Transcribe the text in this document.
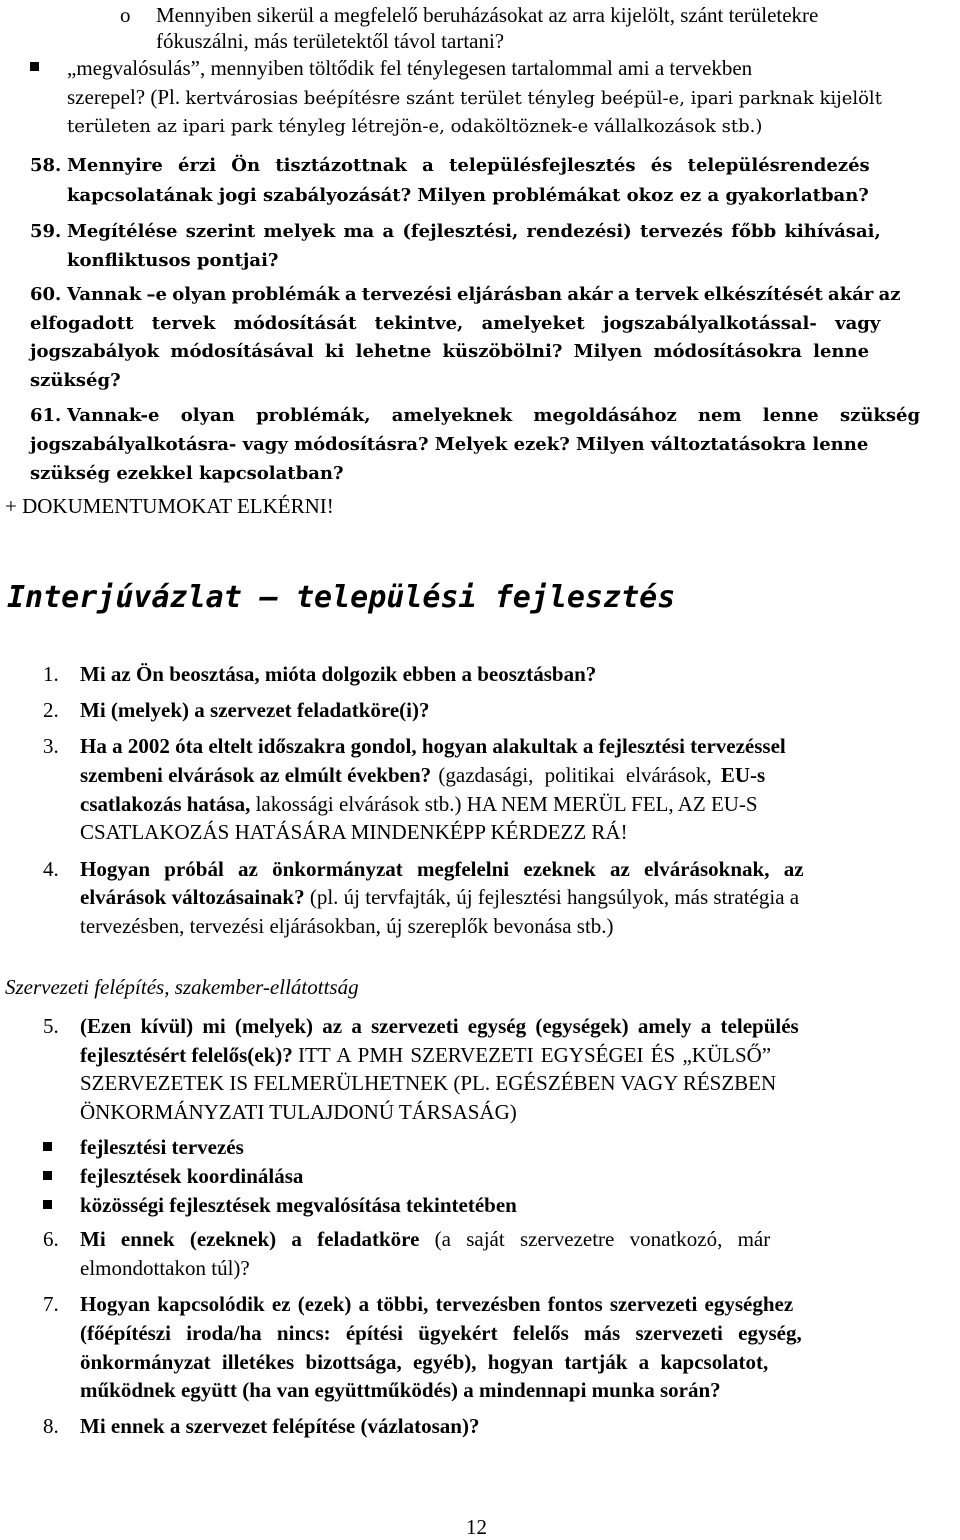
o Mennyiben sikerül a megfelelő beruházásokat az arra kijelölt, szánt területekre
fókuszálni, más területektől távol tartani?
„megvalósulás”, mennyiben töltődik fel ténylegesen tartalommal ami a tervekben
szerepel? (Pl. kertvárosias beépítésre szánt terület tényleg beépül-e, ipari parknak kijelölt
területen az ipari park tényleg létrejön-e, odaköltöznek-e vállalkozások stb.)
58. Mennyire érzi Ön tisztázottnak a településfejlesztés és településrendezés
kapcsolatának jogi szabályozását? Milyen problémákat okoz ez a gyakorlatban?
59. Megítélése szerint melyek ma a (fejlesztési, rendezési) tervezés főbb kihívásai,
konfliktusos pontjai?
60. Vannak –e olyan problémák a tervezési eljárásban akár a tervek elkészítését akár az
elfogadott tervek módosítását tekintve, amelyeket jogszabályalkotással- vagy
jogszabályok módosításával ki lehetne küszöbölni? Milyen módosításokra lenne
szükség?
61. Vannak-e olyan problémák, amelyeknek megoldásához nem lenne szükség
jogszabályalkotásra- vagy módosításra? Melyek ezek? Milyen változtatásokra lenne
szükség ezekkel kapcsolatban?
+ DOKUMENTUMOKAT ELKÉRNI!
Interjúvázlat – települési fejlesztés
1. Mi az Ön beosztása, mióta dolgozik ebben a beosztásban?
2. Mi (melyek) a szervezet feladatköre(i)?
3. Ha a 2002 óta eltelt időszakra gondol, hogyan alakultak a fejlesztési tervezéssel
szembeni elvárások az elmúlt években? (gazdasági, politikai elvárások, EU-s
csatlakozás hatása, lakossági elvárások stb.) HA NEM MERÜL FEL, AZ EU-S
CSATLAKOZÁS HATÁSÁRA MINDENKÉPP KÉRDEZZ RÁ!
4. Hogyan próbál az önkormányzat megfelelni ezeknek az elvárásoknak, az
elvárások változásainak? (pl. új tervfajták, új fejlesztési hangsúlyok, más stratégia a
tervezésben, tervezési eljárásokban, új szereplők bevonása stb.)
Szervezeti felépítés, szakember-ellátottság
5. (Ezen kívül) mi (melyek) az a szervezeti egység (egységek) amely a település
fejlesztésért felelős(ek)? ITT A PMH SZERVEZETI EGYSÉGEI ÉS „KÜLSŐ”
SZERVEZETEK IS FELMERÜLHETNEK (PL. EGÉSZÉBEN VAGY RÉSZBEN
ÖNKORMÁNYZATI TULAJDONÚ TÁRSASÁG)
fejlesztési tervezés
fejlesztések koordinálása
közösségi fejlesztések megvalósítása tekintetében
6. Mi ennek (ezeknek) a feladatköre (a saját szervezetre vonatkozó, már
elmondottakon túl)?
7. Hogyan kapcsolódik ez (ezek) a többi, tervezésben fontos szervezeti egységhez
(főépítészi iroda/ha nincs: építési ügyekért felelős más szervezeti egység,
önkormányzat illetékes bizottsága, egyéb), hogyan tartják a kapcsolatot,
működnek együtt (ha van együttműködés) a mindennapi munka során?
8. Mi ennek a szervezet felépítése (vázlatosan)?
12
